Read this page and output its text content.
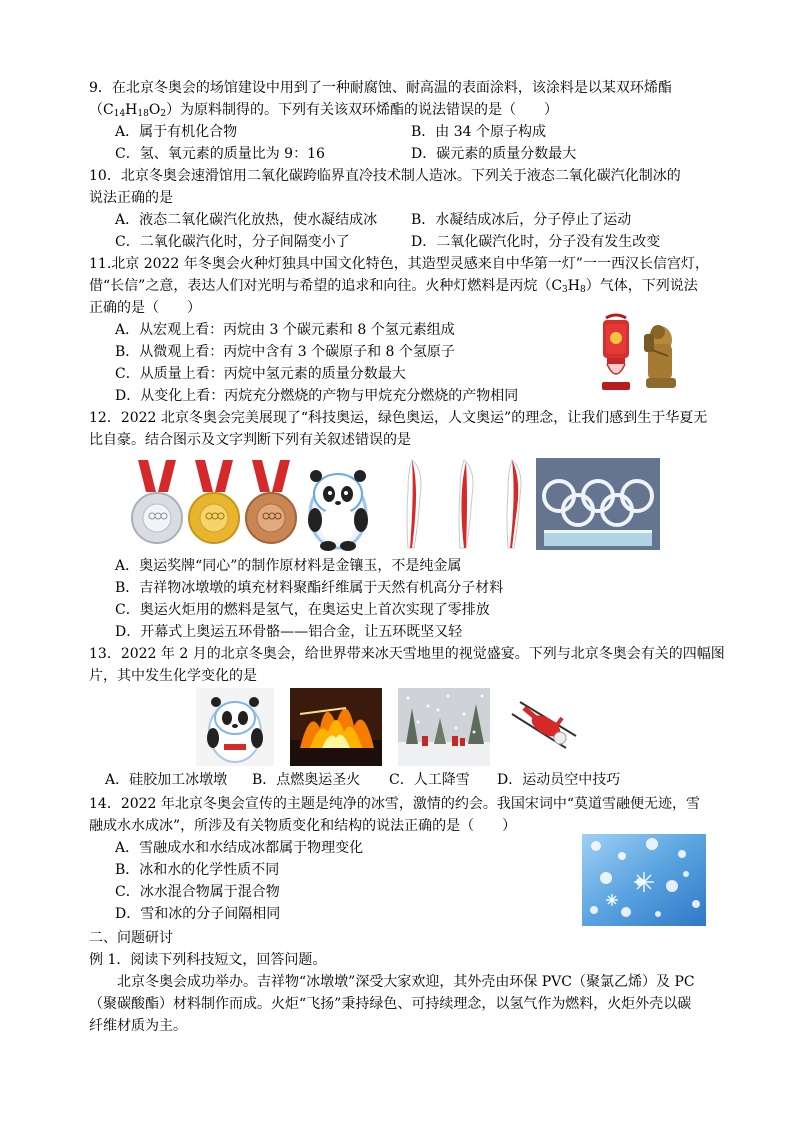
9．在北京冬奥会的场馆建设中用到了一种耐腐蚀、耐高温的表面涂料，该涂料是以某双环烯酯
$(C_{14}H_{18}O_2)$为原料制得的。下列有关该双环烯酯的说法错误的是（　　）
A．属于有机化合物	B．由 34 个原子构成
C．氢、氧元素的质量比为 9：16	D．碳元素的质量分数最大
10．北京冬奥会速滑馆用二氧化碳跨临界直冷技术制人造冰。下列关于液态二氧化碳汽化制冰的
说法正确的是
A．液态二氧化碳汽化放热，使水凝结成冰 B．水凝结成冰后，分子停止了运动
C．二氧化碳汽化时，分子间隔变小了	D．二氧化碳汽化时，分子没有发生改变
11.北京 2022 年冬奥会火种灯独具中国文化特色，其造型灵感来自中华第一灯”一一西汉长信宫灯，
借“长信”之意，表达人们对光明与希望的追求和向往。火种灯燃料是丙烷$(C_3H_8)$气体，下列说法
正确的是（　　）
A．从宏观上看：丙烷由 3 个碳元素和 8 个氢元素组成
B．从微观上看：丙烷中含有 3 个碳原子和 8 个氢原子
C．从质量上看：丙烷中氢元素的质量分数最大
D．从变化上看：丙烷充分燃烧的产物与甲烷充分燃烧的产物相同
12．2022 北京冬奥会完美展现了“科技奥运，绿色奥运，人文奥运”的理念，让我们感到生于华夏无
比自豪。结合图示及文字判断下列有关叙述错误的是
A．奥运奖牌“同心”的制作原材料是金镶玉，不是纯金属
B．吉祥物冰墩墩的填充材料聚酯纤维属于天然有机高分子材料
C．奥运火炬用的燃料是氢气，在奥运史上首次实现了零排放
D．开幕式上奥运五环骨骼——铝合金，让五环既坚又轻
13．2022 年 2 月的北京冬奥会，给世界带来冰天雪地里的视觉盛宴。下列与北京冬奥会有关的四幅图
片，其中发生化学变化的是
A．硅胶加工冰墩墩 B．点燃奥运圣火 C．人工降雪 D．运动员空中技巧
14．2022 年北京冬奥会宣传的主题是纯净的冰雪，激情的约会。我国宋词中“莫道雪融便无迹，雪
融成水水成冰”，所涉及有关物质变化和结构的说法正确的是（　　）
A．雪融成水和水结成冰都属于物理变化
B．冰和水的化学性质不同
C．冰水混合物属于混合物
D．雪和冰的分子间隔相同
二、问题研讨
例 1．阅读下列科技短文，回答问题。
北京冬奥会成功举办。吉祥物“冰墩墩”深受大家欢迎，其外壳由环保 PVC（聚氯乙烯）及 PC
（聚碳酸酯）材料制作而成。火炬“飞扬”秉持绿色、可持续理念，以氢气作为燃料，火炬外壳以碳
纤维材质为主。
